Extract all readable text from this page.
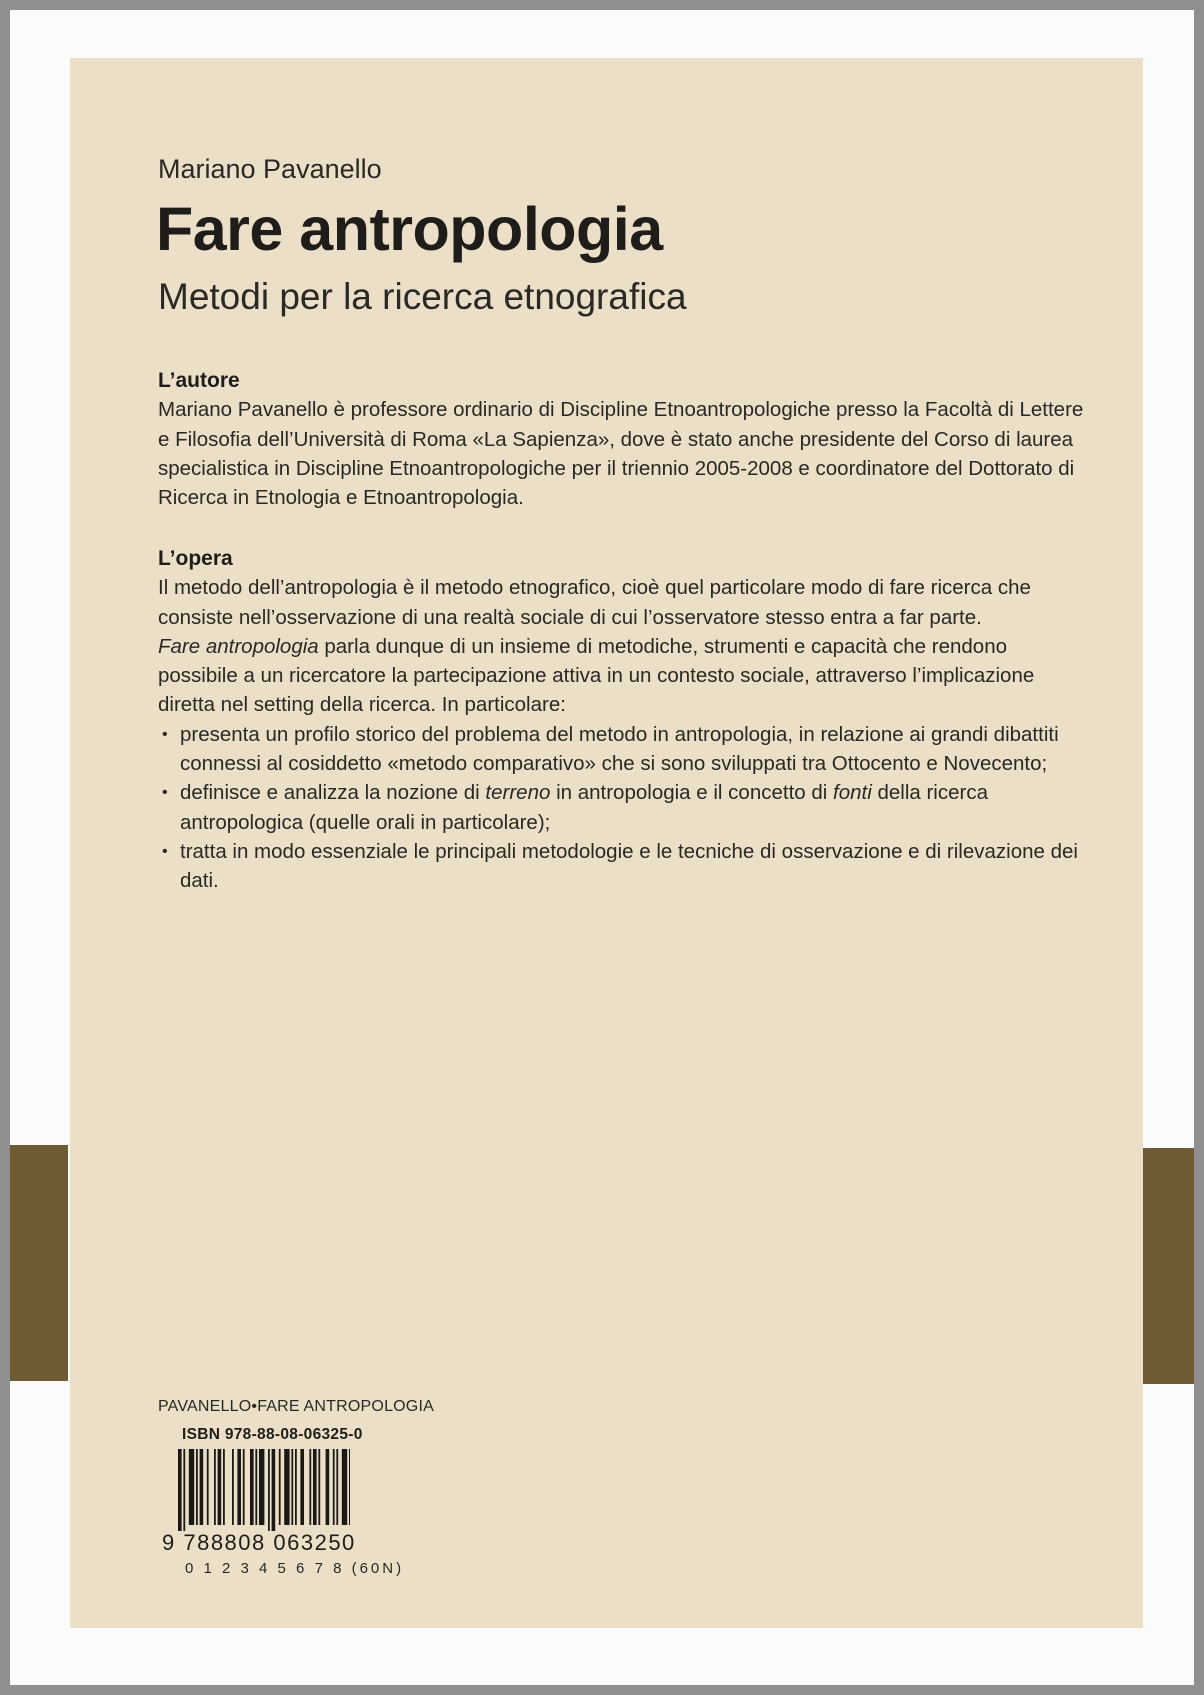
Mariano Pavanello
Fare antropologia
Metodi per la ricerca etnografica
L’autore

Mariano Pavanello è professore ordinario di Discipline Etnoantropologiche presso la Facoltà di Lettere e Filosofia dell’Università di Roma «La Sapienza», dove è stato anche presidente del Corso di laurea specialistica in Discipline Etnoantropologiche per il triennio 2005-2008 e coordinatore del Dottorato di Ricerca in Etnologia e Etnoantropologia.

L’opera

Il metodo dell’antropologia è il metodo etnografico, cioè quel particolare modo di fare ricerca che consiste nell’osservazione di una realtà sociale di cui l’osservatore stesso entra a far parte.

Fare antropologia parla dunque di un insieme di metodiche, strumenti e capacità che rendono possibile a un ricercatore la partecipazione attiva in un contesto sociale, attraverso l’implicazione diretta nel setting della ricerca. In particolare:

• presenta un profilo storico del problema del metodo in antropologia, in relazione ai grandi dibattiti connessi al cosiddetto «metodo comparativo» che si sono sviluppati tra Ottocento e Novecento;
• definisce e analizza la nozione di terreno in antropologia e il concetto di fonti della ricerca antropologica (quelle orali in particolare);
• tratta in modo essenziale le principali metodologie e le tecniche di osservazione e di rilevazione dei dati.
PAVANELLO•FARE ANTROPOLOGIA
ISBN 978-88-08-06325-0
9 788808 063250
0 1 2 3 4 5 6 7 8 (60N)
